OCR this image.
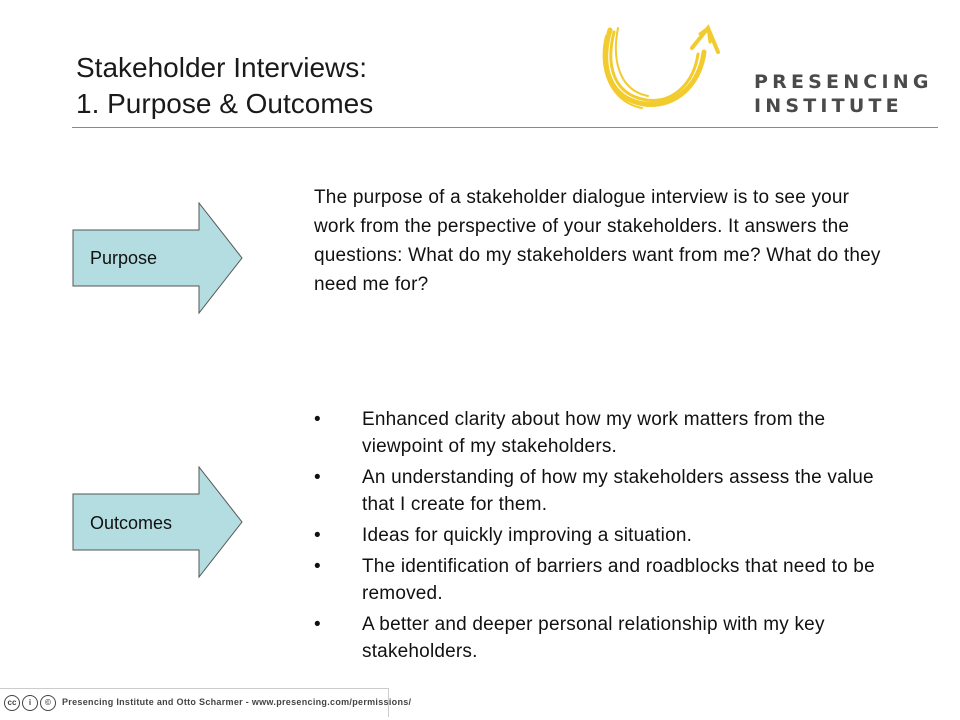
Stakeholder Interviews:
1. Purpose & Outcomes
PRESENCING
INSTITUTE
Purpose
The purpose of a stakeholder dialogue interview is to see your work from the perspective of your stakeholders. It answers the questions: What do my stakeholders want from me? What do they need me for?
Outcomes
• Enhanced clarity about how my work matters from the viewpoint of my stakeholders.
• An understanding of how my stakeholders assess the value that I create for them.
• Ideas for quickly improving a situation.
• The identification of barriers and roadblocks that need to be removed.
• A better and deeper personal relationship with my key stakeholders.
cc	i	©	Presencing Institute and Otto Scharmer - www.presencing.com/permissions/
